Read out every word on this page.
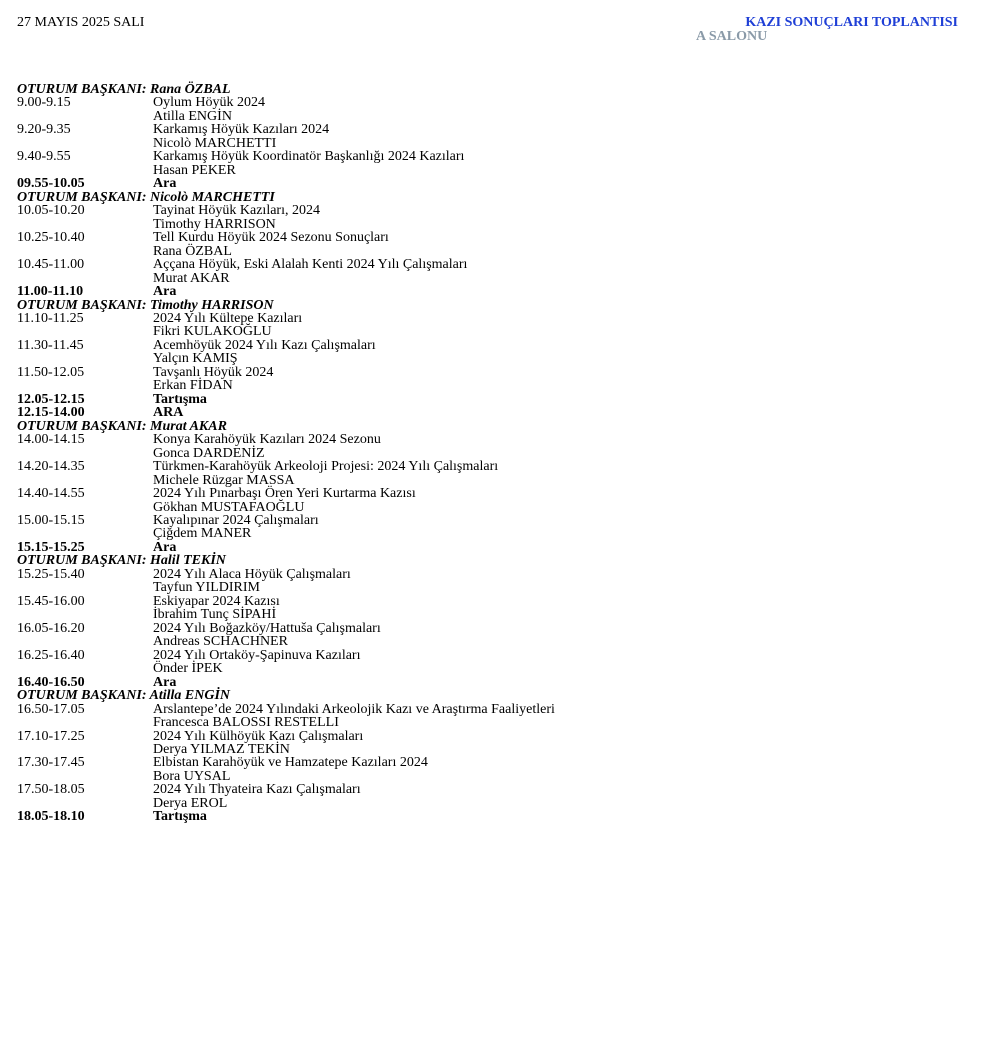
27 MAYIS 2025 SALI	KAZI SONUÇLARI TOPLANTISI
A SALONU
OTURUM BAŞKANI: Rana ÖZBAL
9.00-9.15	Oylum Höyük 2024
Atilla ENGİN
9.20-9.35	Karkamış Höyük Kazıları 2024
Nicolò MARCHETTI
9.40-9.55	Karkamış Höyük Koordinatör Başkanlığı 2024 Kazıları
Hasan PEKER
09.55-10.05	Ara
OTURUM BAŞKANI: Nicolò MARCHETTI
10.05-10.20	Tayinat Höyük Kazıları, 2024
Timothy HARRISON
10.25-10.40	Tell Kurdu Höyük 2024 Sezonu Sonuçları
Rana ÖZBAL
10.45-11.00	Aççana Höyük, Eski Alalah Kenti 2024 Yılı Çalışmaları
Murat AKAR
11.00-11.10	Ara
OTURUM BAŞKANI: Timothy HARRISON
11.10-11.25	2024 Yılı Kültepe Kazıları
Fikri KULAKOĞLU
11.30-11.45	Acemhöyük 2024 Yılı Kazı Çalışmaları
Yalçın KAMIŞ
11.50-12.05	Tavşanlı Höyük 2024
Erkan FİDAN
12.05-12.15	Tartışma
12.15-14.00	ARA
OTURUM BAŞKANI: Murat AKAR
14.00-14.15	Konya Karahöyük Kazıları 2024 Sezonu
Gonca DARDENİZ
14.20-14.35	Türkmen-Karahöyük Arkeoloji Projesi: 2024 Yılı Çalışmaları
Michele Rüzgar MASSA
14.40-14.55	2024 Yılı Pınarbaşı Ören Yeri Kurtarma Kazısı
Gökhan MUSTAFAOĞLU
15.00-15.15	Kayalıpınar 2024 Çalışmaları
Çiğdem MANER
15.15-15.25	Ara
OTURUM BAŞKANI: Halil TEKİN
15.25-15.40	2024 Yılı Alaca Höyük Çalışmaları
Tayfun YILDIRIM
15.45-16.00	Eskiyapar 2024 Kazısı
İbrahim Tunç SİPAHİ
16.05-16.20	2024 Yılı Boğazköy/Hattuša Çalışmaları
Andreas SCHACHNER
16.25-16.40	2024 Yılı Ortaköy-Şapinuva Kazıları
Önder İPEK
16.40-16.50	Ara
OTURUM BAŞKANI: Atilla ENGİN
16.50-17.05	Arslantepe’de 2024 Yılındaki Arkeolojik Kazı ve Araştırma Faaliyetleri
Francesca BALOSSI RESTELLI
17.10-17.25	2024 Yılı Külhöyük Kazı Çalışmaları
Derya YILMAZ TEKİN
17.30-17.45	Elbistan Karahöyük ve Hamzatepe Kazıları 2024
Bora UYSAL
17.50-18.05	2024 Yılı Thyateira Kazı Çalışmaları
Derya EROL
18.05-18.10	Tartışma
